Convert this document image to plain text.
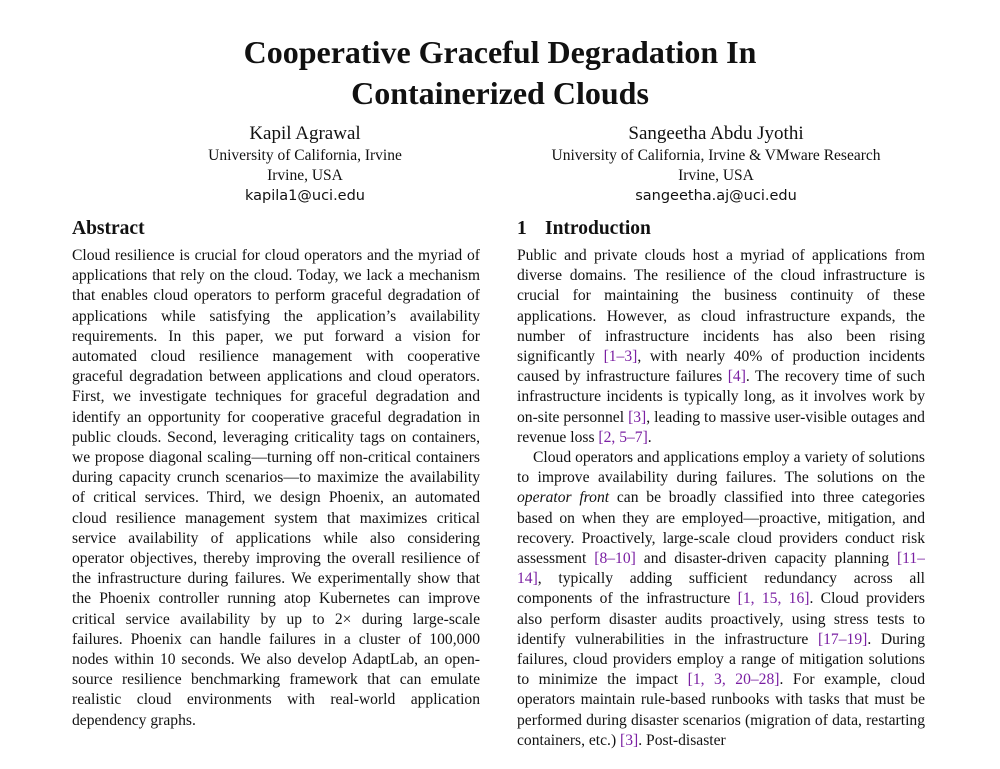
Cooperative Graceful Degradation In
Containerized Clouds
Kapil Agrawal
University of California, Irvine
Irvine, USA
kapila1@uci.edu
Sangeetha Abdu Jyothi
University of California, Irvine & VMware Research
Irvine, USA
sangeetha.aj@uci.edu
Abstract

Cloud resilience is crucial for cloud operators and the myriad of applications that rely on the cloud. Today, we lack a mechanism that enables cloud operators to perform graceful degradation of applications while satisfying the application’s availability requirements. In this paper, we put forward a vision for automated cloud resilience management with cooperative graceful degradation between applications and cloud operators. First, we investigate techniques for graceful degradation and identify an opportunity for cooperative graceful degradation in public clouds. Second, leveraging criticality tags on containers, we propose diagonal scaling—turning off non-critical containers during capacity crunch scenarios—to maximize the availability of critical services. Third, we design Phoenix, an automated cloud resilience management system that maximizes critical service availability of applications while also considering operator objectives, thereby improving the overall resilience of the infrastructure during failures. We experimentally show that the Phoenix controller running atop Kubernetes can improve critical service availability by up to 2× during large-scale failures. Phoenix can handle failures in a cluster of 100,000 nodes within 10 seconds. We also develop AdaptLab, an open-source resilience benchmarking framework that can emulate realistic cloud environments with real-world application dependency graphs.

1 Introduction

Public and private clouds host a myriad of applications from diverse domains. The resilience of the cloud infrastructure is crucial for maintaining the business continuity of these applications. However, as cloud infrastructure expands, the number of infrastructure incidents has also been rising significantly [1–3], with nearly 40% of production incidents caused by infrastructure failures [4]. The recovery time of such infrastructure incidents is typically long, as it involves work by on-site personnel [3], leading to massive user-visible outages and revenue loss [2, 5–7].

Cloud operators and applications employ a variety of solutions to improve availability during failures. The solutions on the operator front can be broadly classified into three categories based on when they are employed—proactive, mitigation, and recovery. Proactively, large-scale cloud providers conduct risk assessment [8–10] and disaster-driven capacity planning [11–14], typically adding sufficient redundancy across all components of the infrastructure [1, 15, 16]. Cloud providers also perform disaster audits proactively, using stress tests to identify vulnerabilities in the infrastructure [17–19]. During failures, cloud providers employ a range of mitigation solutions to minimize the impact [1, 3, 20–28]. For example, cloud operators maintain rule-based runbooks with tasks that must be performed during disaster scenarios (migration of data, restarting containers, etc.) [3]. Post-disaster
